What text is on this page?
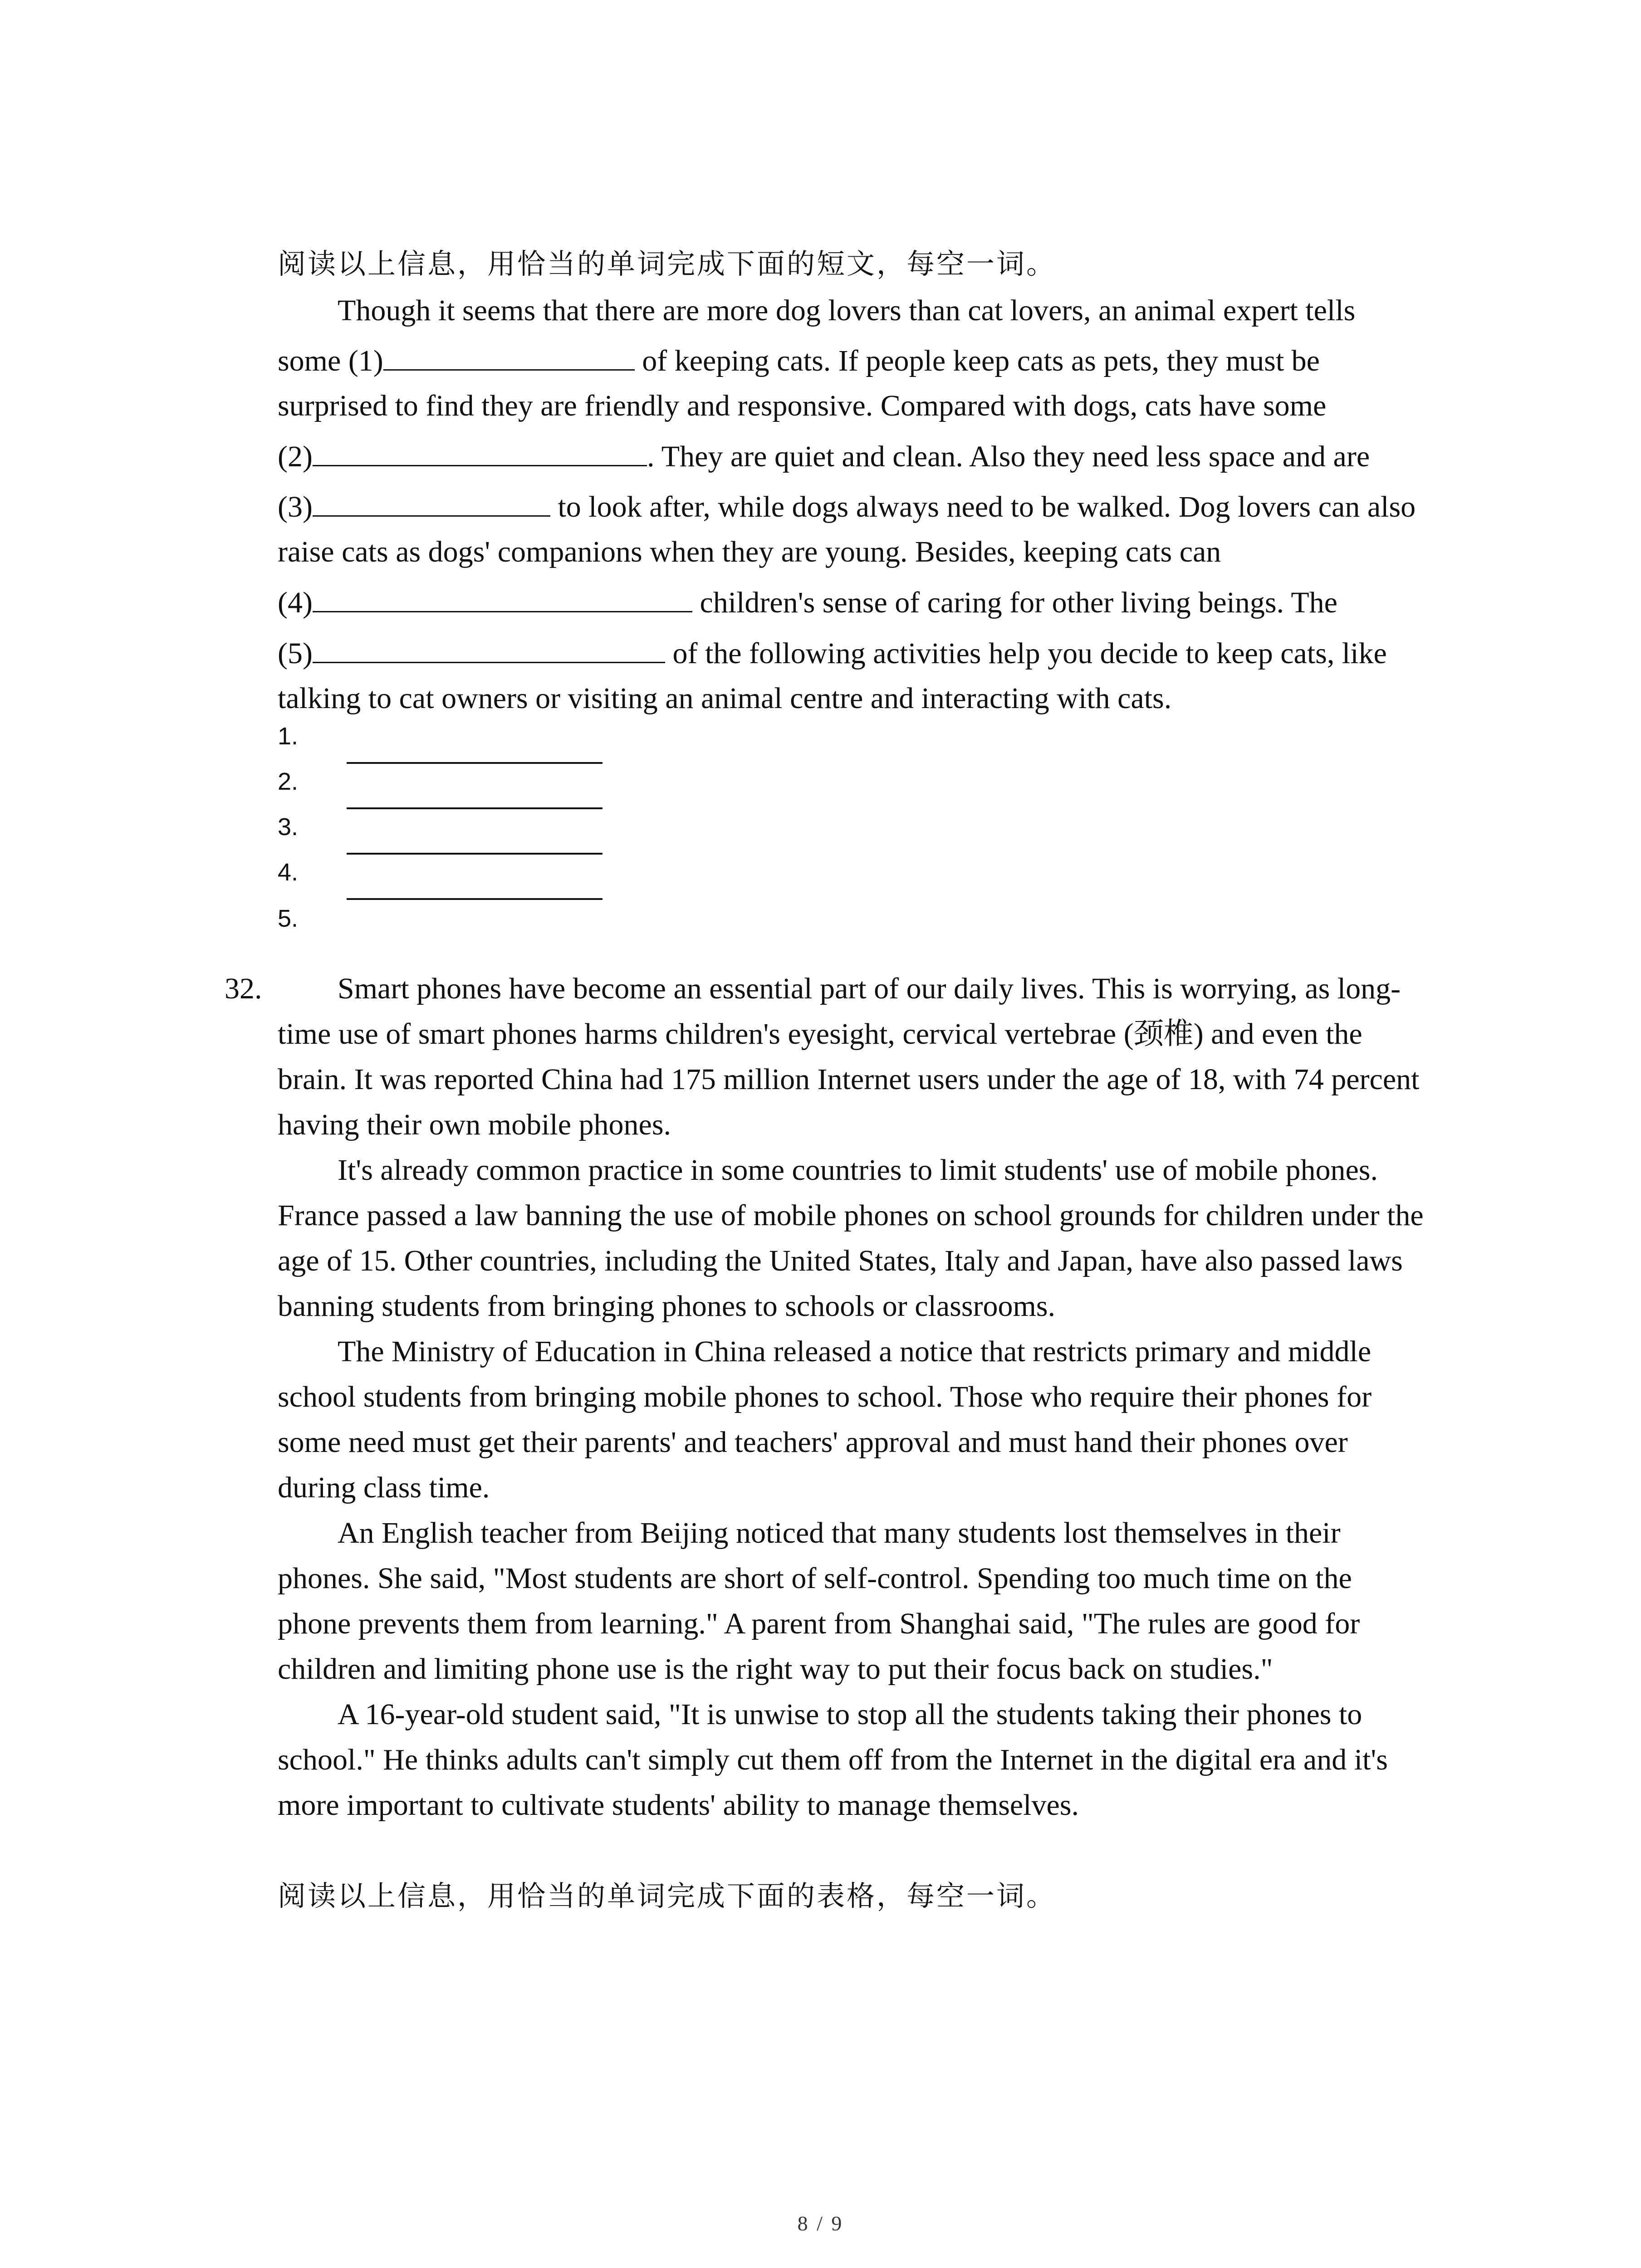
阅读以上信息，用恰当的单词完成下面的短文，每空一词。
Though it seems that there are more dog lovers than cat lovers, an animal expert tells
some (1)	of keeping cats. If people keep cats as pets, they must be
surprised to find they are friendly and responsive. Compared with dogs, cats have some
(2)	. They are quiet and clean. Also they need less space and are
(3)	to look after, while dogs always need to be walked. Dog lovers can also
raise cats as dogs' companions when they are young. Besides, keeping cats can
(4)	children's sense of caring for other living beings. The
(5)	of the following activities help you decide to keep cats, like
talking to cat owners or visiting an animal centre and interacting with cats.
1.
2.
3.
4.
5.
32.	Smart phones have become an essential part of our daily lives. This is worrying, as long-
time use of smart phones harms children's eyesight, cervical vertebrae (颈椎) and even the
brain. It was reported China had 175 million Internet users under the age of 18, with 74 percent
having their own mobile phones.
It's already common practice in some countries to limit students' use of mobile phones.
France passed a law banning the use of mobile phones on school grounds for children under the
age of 15. Other countries, including the United States, Italy and Japan, have also passed laws
banning students from bringing phones to schools or classrooms.
The Ministry of Education in China released a notice that restricts primary and middle
school students from bringing mobile phones to school. Those who require their phones for
some need must get their parents' and teachers' approval and must hand their phones over
during class time.
An English teacher from Beijing noticed that many students lost themselves in their
phones. She said, "Most students are short of self-control. Spending too much time on the
phone prevents them from learning." A parent from Shanghai said, "The rules are good for
children and limiting phone use is the right way to put their focus back on studies."
A 16-year-old student said, "It is unwise to stop all the students taking their phones to
school." He thinks adults can't simply cut them off from the Internet in the digital era and it's
more important to cultivate students' ability to manage themselves.
阅读以上信息，用恰当的单词完成下面的表格，每空一词。
8 / 9
